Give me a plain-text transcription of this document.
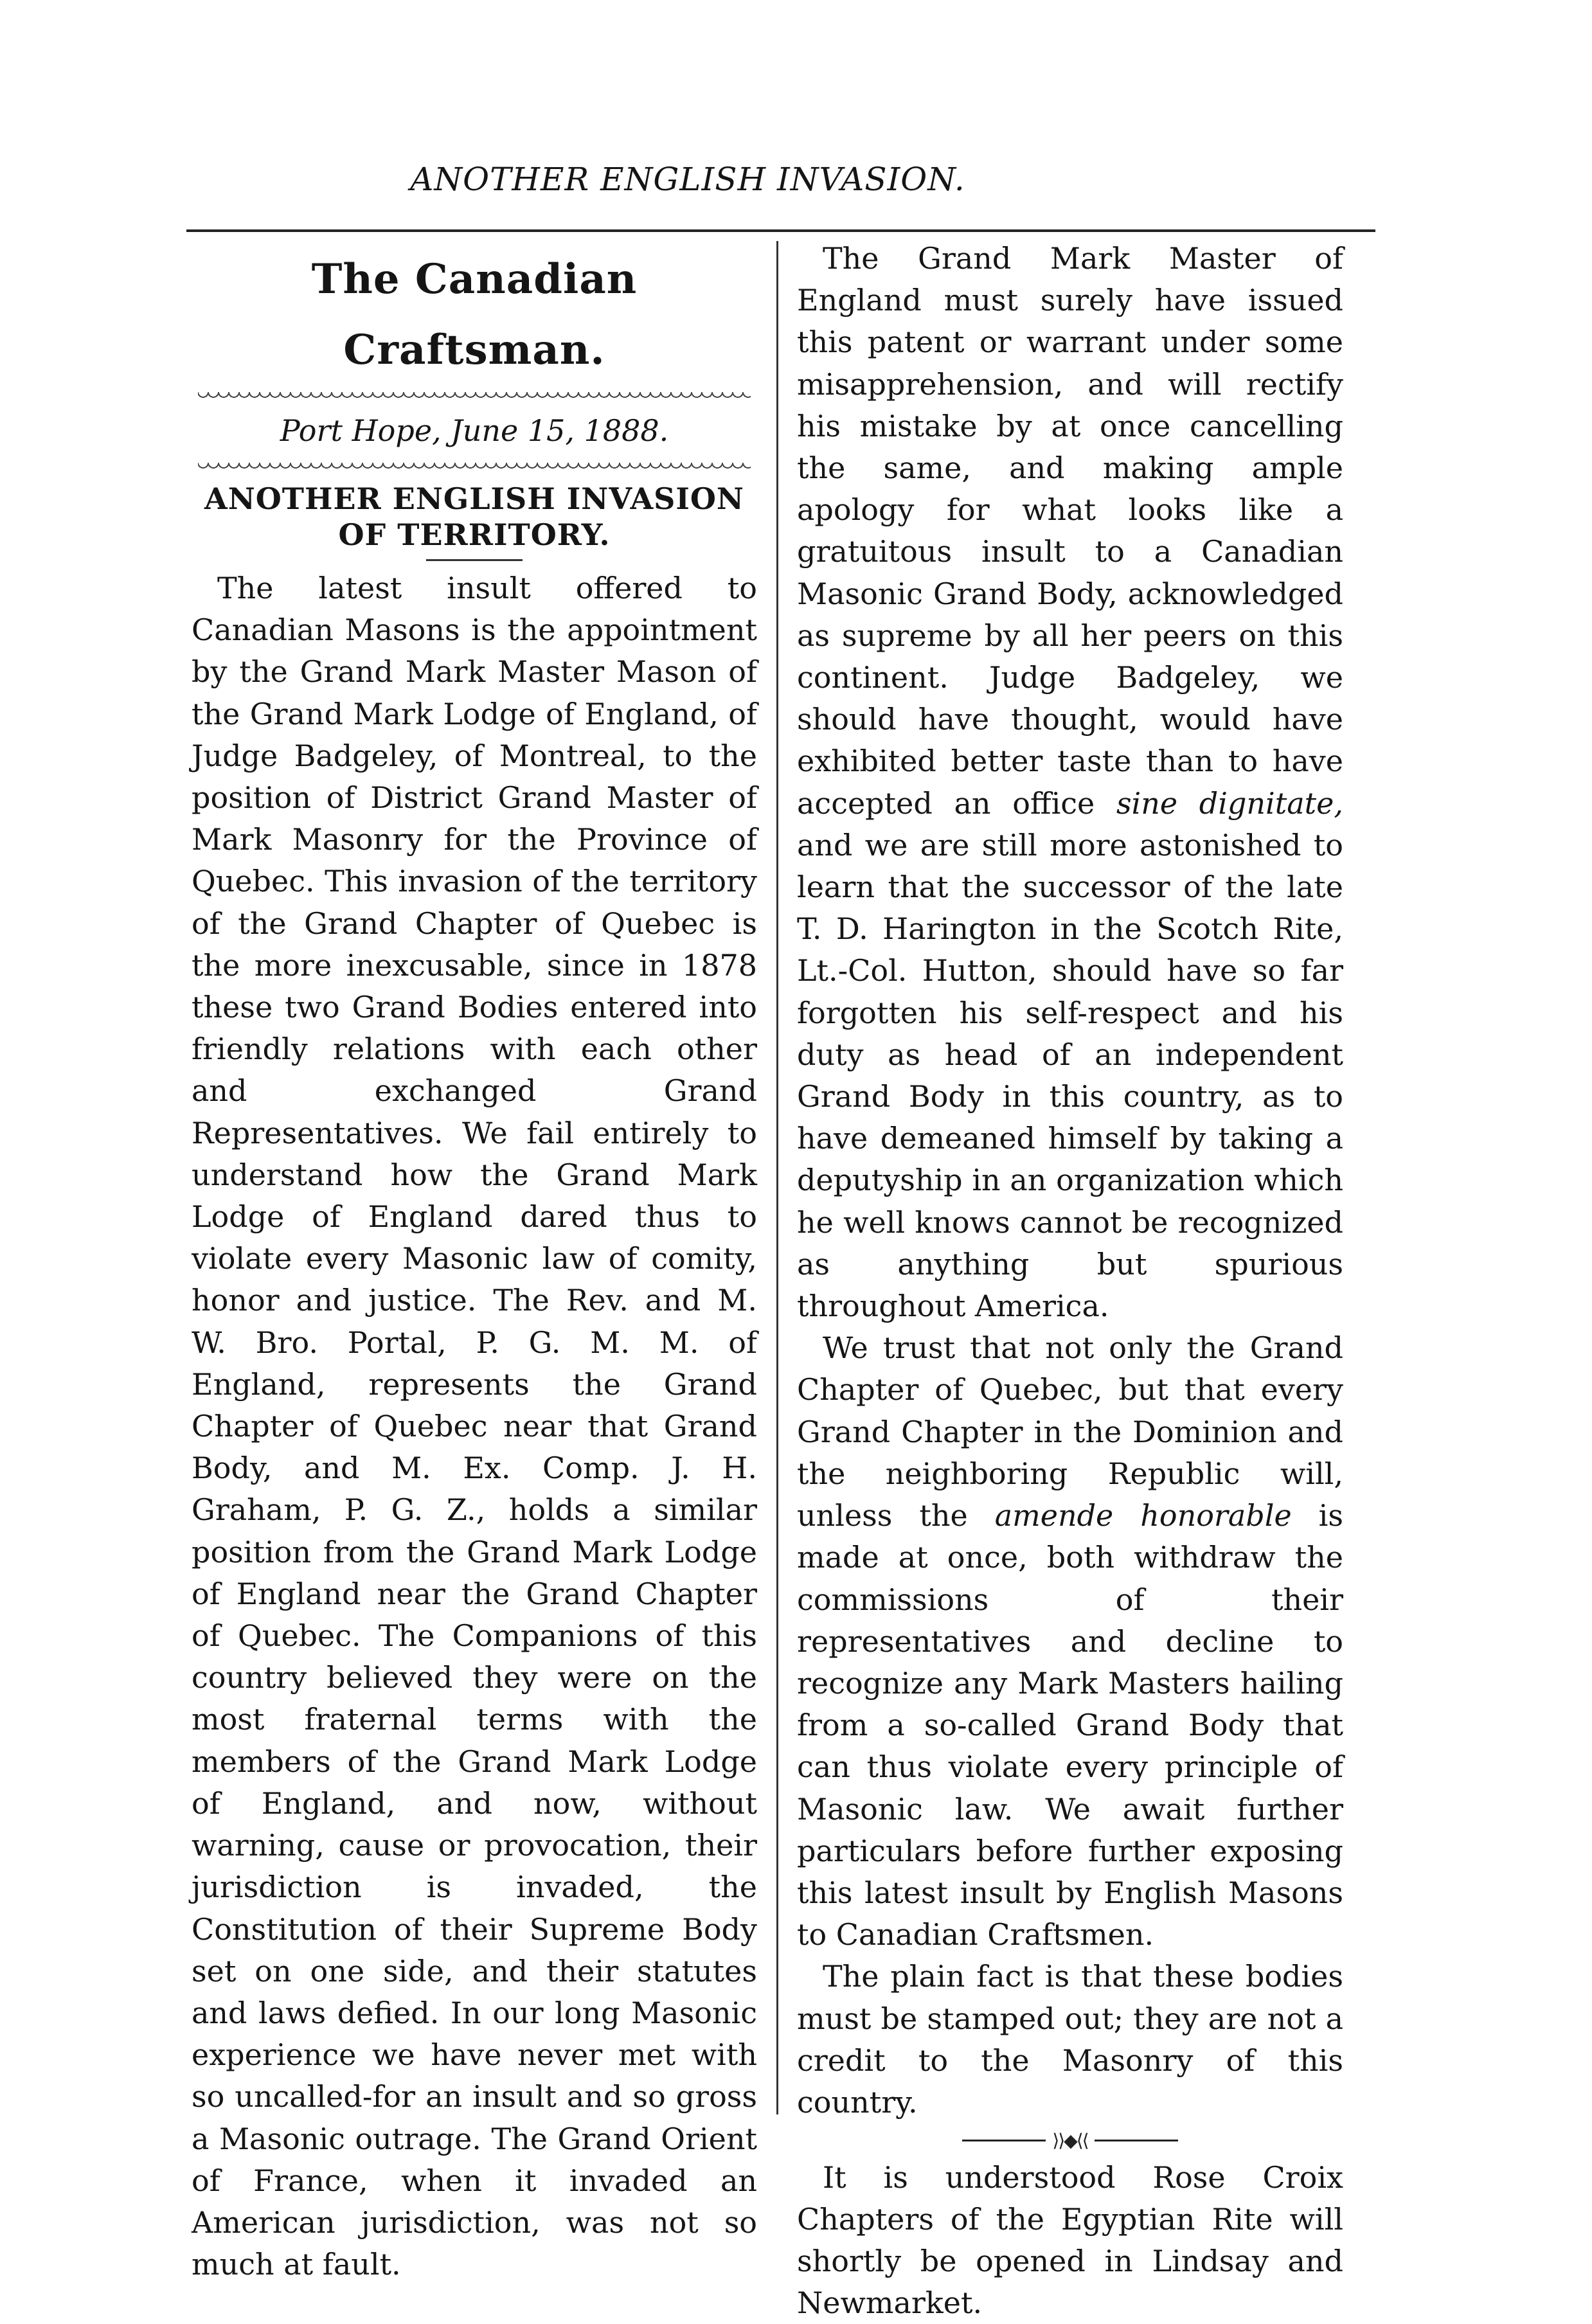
ANOTHER ENGLISH INVASION.
The Canadian Craftsman.
Port Hope, June 15, 1888.
ANOTHER ENGLISH INVASION OF TERRITORY.

The latest insult offered to Canadian Masons is the appointment by the Grand Mark Master Mason of the Grand Mark Lodge of England, of Judge Badgeley, of Montreal, to the position of District Grand Master of Mark Masonry for the Province of Quebec. This invasion of the territory of the Grand Chapter of Quebec is the more inexcusable, since in 1878 these two Grand Bodies entered into friendly relations with each other and exchanged Grand Representatives. We fail entirely to understand how the Grand Mark Lodge of England dared thus to violate every Masonic law of comity, honor and justice. The Rev. and M. W. Bro. Portal, P. G. M. M. of England, represents the Grand Chapter of Quebec near that Grand Body, and M. Ex. Comp. J. H. Graham, P. G. Z., holds a similar position from the Grand Mark Lodge of England near the Grand Chapter of Quebec. The Companions of this country believed they were on the most fraternal terms with the members of the Grand Mark Lodge of England, and now, without warning, cause or provocation, their jurisdiction is invaded, the Constitution of their Supreme Body set on one side, and their statutes and laws defied. In our long Masonic experience we have never met with so uncalled-for an insult and so gross a Masonic outrage. The Grand Orient of France, when it invaded an American jurisdiction, was not so much at fault.

The Grand Mark Master of England must surely have issued this patent or warrant under some misapprehension, and will rectify his mistake by at once cancelling the same, and making ample apology for what looks like a gratuitous insult to a Canadian Masonic Grand Body, acknowledged as supreme by all her peers on this continent. Judge Badgeley, we should have thought, would have exhibited better taste than to have accepted an office sine dignitate, and we are still more astonished to learn that the successor of the late T. D. Harington in the Scotch Rite, Lt.-Col. Hutton, should have so far forgotten his self-respect and his duty as head of an independent Grand Body in this country, as to have demeaned himself by taking a deputyship in an organization which he well knows cannot be recognized as anything but spurious throughout America.

We trust that not only the Grand Chapter of Quebec, but that every Grand Chapter in the Dominion and the neighboring Republic will, unless the amende honorable is made at once, both withdraw the commissions of their representatives and decline to recognize any Mark Masters hailing from a so-called Grand Body that can thus violate every principle of Masonic law. We await further particulars before further exposing this latest insult by English Masons to Canadian Craftsmen.

The plain fact is that these bodies must be stamped out; they are not a credit to the Masonry of this country.

⟩⟩◆⟨⟨

It is understood Rose Croix Chapters of the Egyptian Rite will shortly be opened in Lindsay and Newmarket.
